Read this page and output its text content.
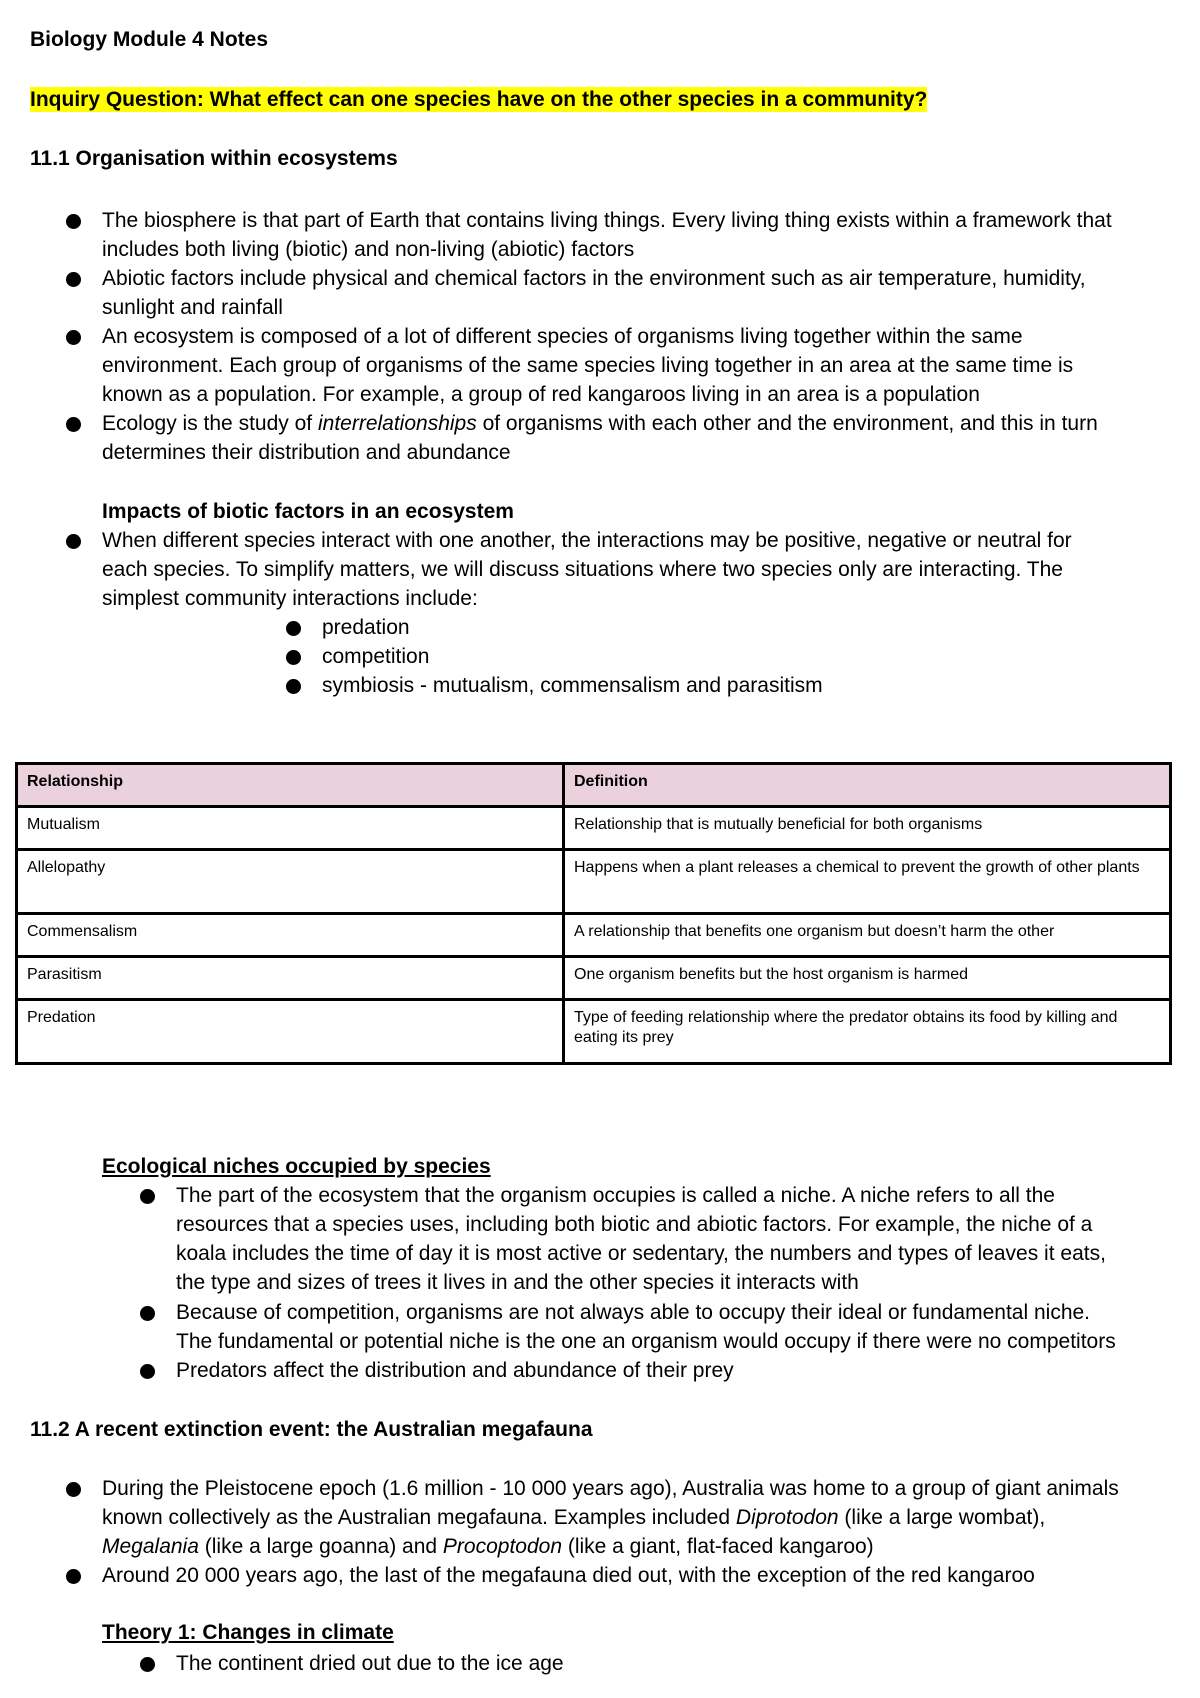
Biology Module 4 Notes
Inquiry Question: What effect can one species have on the other species in a community?
11.1 Organisation within ecosystems
The biosphere is that part of Earth that contains living things. Every living thing exists within a framework that
includes both living (biotic) and non-living (abiotic) factors
Abiotic factors include physical and chemical factors in the environment such as air temperature, humidity,
sunlight and rainfall
An ecosystem is composed of a lot of different species of organisms living together within the same
environment. Each group of organisms of the same species living together in an area at the same time is
known as a population. For example, a group of red kangaroos living in an area is a population
Ecology is the study of interrelationships of organisms with each other and the environment, and this in turn
determines their distribution and abundance
Impacts of biotic factors in an ecosystem
When different species interact with one another, the interactions may be positive, negative or neutral for
each species. To simplify matters, we will discuss situations where two species only are interacting. The
simplest community interactions include:
predation
competition
symbiosis - mutualism, commensalism and parasitism
Relationship	Definition
Mutualism	Relationship that is mutually beneficial for both organisms
Allelopathy	Happens when a plant releases a chemical to prevent the growth of other plants
Commensalism	A relationship that benefits one organism but doesn’t harm the other
Parasitism	One organism benefits but the host organism is harmed
Predation	Type of feeding relationship where the predator obtains its food by killing and eating its prey
Ecological niches occupied by species
The part of the ecosystem that the organism occupies is called a niche. A niche refers to all the
resources that a species uses, including both biotic and abiotic factors. For example, the niche of a
koala includes the time of day it is most active or sedentary, the numbers and types of leaves it eats,
the type and sizes of trees it lives in and the other species it interacts with
Because of competition, organisms are not always able to occupy their ideal or fundamental niche.
The fundamental or potential niche is the one an organism would occupy if there were no competitors
Predators affect the distribution and abundance of their prey
11.2 A recent extinction event: the Australian megafauna
During the Pleistocene epoch (1.6 million - 10 000 years ago), Australia was home to a group of giant animals
known collectively as the Australian megafauna. Examples included Diprotodon (like a large wombat),
Megalania (like a large goanna) and Procoptodon (like a giant, flat-faced kangaroo)
Around 20 000 years ago, the last of the megafauna died out, with the exception of the red kangaroo
Theory 1: Changes in climate
The continent dried out due to the ice age
